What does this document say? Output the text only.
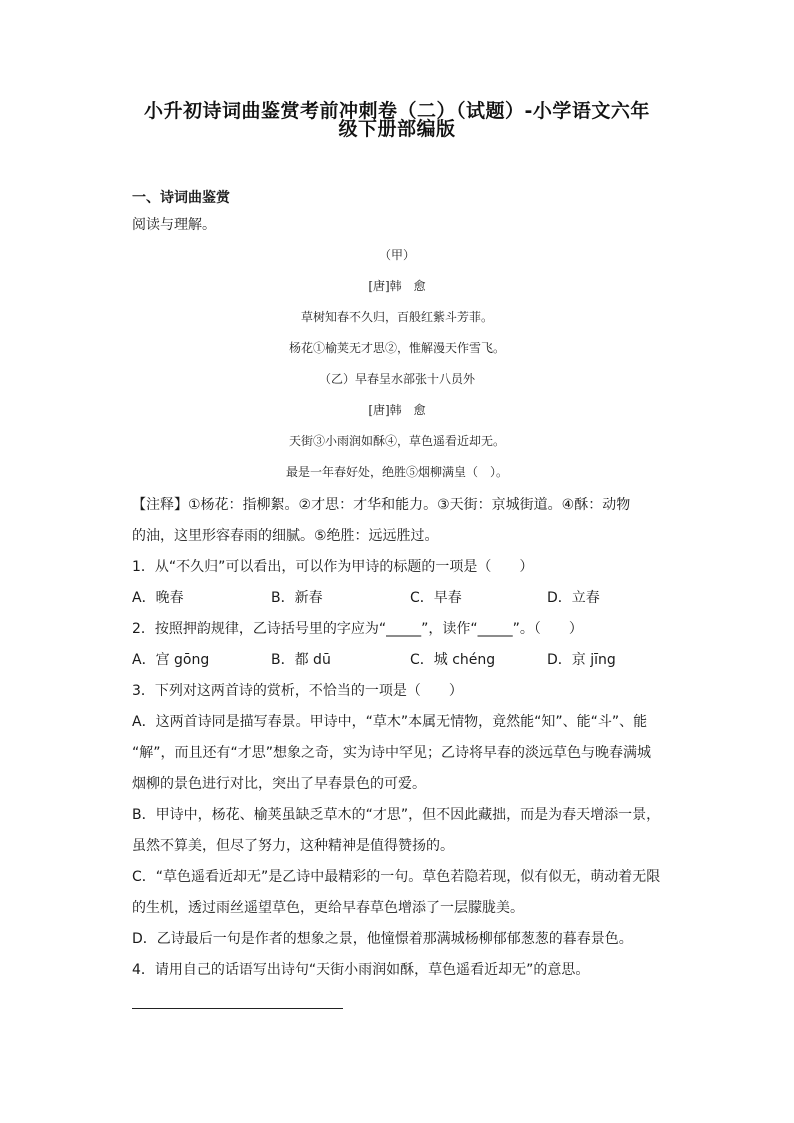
小升初诗词曲鉴赏考前冲刺卷（二）（试题）-小学语文六年
级下册部编版
一、诗词曲鉴赏
阅读与理解。
（甲）
[唐]韩　愈
草树知春不久归，百般红紫斗芳菲。
杨花①榆荚无才思②，惟解漫天作雪飞。
（乙）早春呈水部张十八员外
[唐]韩　愈
天街③小雨润如酥④，草色遥看近却无。
最是一年春好处，绝胜⑤烟柳满皇（　）。
【注释】①杨花：指柳絮。②才思：才华和能力。③天街：京城街道。④酥：动物
的油，这里形容春雨的细腻。⑤绝胜：远远胜过。
1．从“不久归”可以看出，可以作为甲诗的标题的一项是（　　）
A．晚春	B．新春	C．早春	D．立春
2．按照押韵规律，乙诗括号里的字应为“_____”，读作“_____”。（　　）
A．宫 gōng	B．都 dū	C．城 chéng	D．京 jīng
3．下列对这两首诗的赏析，不恰当的一项是（　　）
A．这两首诗同是描写春景。甲诗中，“草木”本属无情物，竟然能“知”、能“斗”、能
“解”，而且还有“才思”想象之奇，实为诗中罕见；乙诗将早春的淡远草色与晚春满城
烟柳的景色进行对比，突出了早春景色的可爱。
B．甲诗中，杨花、榆荚虽缺乏草木的“才思”，但不因此藏拙，而是为春天增添一景，
虽然不算美，但尽了努力，这种精神是值得赞扬的。
C．“草色遥看近却无”是乙诗中最精彩的一句。草色若隐若现，似有似无，萌动着无限
的生机，透过雨丝遥望草色，更给早春草色增添了一层朦胧美。
D．乙诗最后一句是作者的想象之景，他憧憬着那满城杨柳郁郁葱葱的暮春景色。
4．请用自己的话语写出诗句“天街小雨润如酥，草色遥看近却无”的意思。
